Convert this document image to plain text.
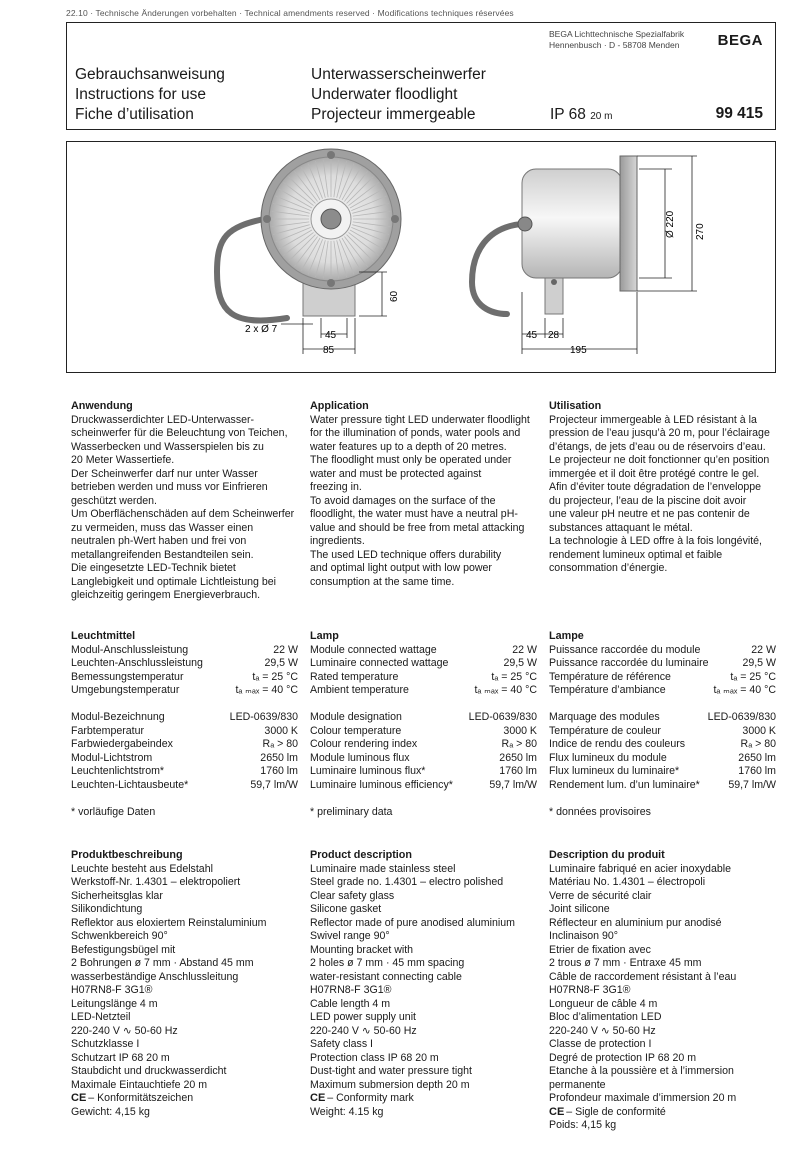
22.10 · Technische Änderungen vorbehalten · Technical amendments reserved · Modifications techniques réservées
BEGA Lichttechnische Spezialfabrik
Hennenbusch · D - 58708 Menden	BEGA
Gebrauchsanweisung
Instructions for use
Fiche d’utilisation
Unterwasserscheinwerfer
Underwater floodlight
Projecteur immergeable	IP 68 20 m	99 415
2 x Ø 7
45
85
60
Ø 220 270
45 28
195
Anwendung

Druckwasserdichter LED-Unterwasser-
scheinwerfer für die Beleuchtung von Teichen,
Wasserbecken und Wasserspielen bis zu
20 Meter Wassertiefe.
Der Scheinwerfer darf nur unter Wasser
betrieben werden und muss vor Einfrieren
geschützt werden.
Um Oberflächenschäden auf dem Scheinwerfer
zu vermeiden, muss das Wasser einen
neutralen ph-Wert haben und frei von
metallangreifenden Bestandteilen sein.
Die eingesetzte LED-Technik bietet
Langlebigkeit und optimale Lichtleistung bei
gleichzeitig geringem Energieverbrauch.

Application

Water pressure tight LED underwater floodlight
for the illumination of ponds, water pools and
water features up to a depth of 20 metres.
The floodlight must only be operated under
water and must be protected against
freezing in.
To avoid damages on the surface of the
floodlight, the water must have a neutral pH-
value and should be free from metal attacking
ingredients.
The used LED technique offers durability
and optimal light output with low power
consumption at the same time.

Utilisation

Projecteur immergeable à LED résistant à la
pression de l’eau jusqu’à 20 m, pour l’éclairage
d’étangs, de jets d’eau ou de réservoirs d’eau.
Le projecteur ne doit fonctionner qu’en position
immergée et il doit être protégé contre le gel.
Afin d’éviter toute dégradation de l’enveloppe
du projecteur, l’eau de la piscine doit avoir
une valeur pH neutre et ne pas contenir de
substances attaquant le métal.
La technologie à LED offre à la fois longévité,
rendement lumineux optimal et faible
consommation d’énergie.

Leuchtmittel
Modul-Anschlussleistung	22 W
Leuchten-Anschlussleistung	29,5 W
Bemessungstemperatur	tₐ = 25 °C
Umgebungstemperatur	tₐ ₘₐₓ = 40 °C
Modul-Bezeichnung	LED-0639/830
Farbtemperatur	3000 K
Farbwiedergabeindex	Rₐ > 80
Modul-Lichtstrom	2650 lm
Leuchtenlichtstrom*	1760 lm
Leuchten-Lichtausbeute*	59,7 lm/W
* vorläufige Daten
Lamp
Module connected wattage	22 W
Luminaire connected wattage	29,5 W
Rated temperature	tₐ = 25 °C
Ambient temperature	tₐ ₘₐₓ = 40 °C
Module designation	LED-0639/830
Colour temperature	3000 K
Colour rendering index	Rₐ > 80
Module luminous flux	2650 lm
Luminaire luminous flux*	1760 lm
Luminaire luminous efficiency*	59,7 lm/W
* preliminary data
Lampe
Puissance raccordée du module	22 W
Puissance raccordée du luminaire	29,5 W
Température de référence	tₐ = 25 °C
Température d’ambiance	tₐ ₘₐₓ = 40 °C
Marquage des modules	LED-0639/830
Température de couleur	3000 K
Indice de rendu des couleurs	Rₐ > 80
Flux lumineux du module	2650 lm
Flux lumineux du luminaire*	1760 lm
Rendement lum. d’un luminaire*	59,7 lm/W
* données provisoires
Produktbeschreibung

Leuchte besteht aus Edelstahl
Werkstoff-Nr. 1.4301 – elektropoliert
Sicherheitsglas klar
Silikondichtung
Reflektor aus eloxiertem Reinstaluminium
Schwenkbereich 90°
Befestigungsbügel mit
2 Bohrungen ø 7 mm · Abstand 45 mm
wasserbeständige Anschlussleitung
H07RN8-F 3G1®
Leitungslänge 4 m
LED-Netzteil
220-240 V ∿ 50-60 Hz
Schutzklasse I
Schutzart IP 68 20 m
Staubdicht und druckwasserdicht
Maximale Eintauchtiefe 20 m

CE – Konformitätszeichen
Gewicht: 4,15 kg
Product description

Luminaire made stainless steel
Steel grade no. 1.4301 – electro polished
Clear safety glass
Silicone gasket
Reflector made of pure anodised aluminium
Swivel range 90°
Mounting bracket with
2 holes ø 7 mm · 45 mm spacing
water-resistant connecting cable
H07RN8-F 3G1®
Cable length 4 m
LED power supply unit
220-240 V ∿ 50-60 Hz
Safety class I
Protection class IP 68 20 m
Dust-tight and water pressure tight
Maximum submersion depth 20 m

CE – Conformity mark
Weight: 4.15 kg
Description du produit

Luminaire fabriqué en acier inoxydable
Matériau No. 1.4301 – électropoli
Verre de sécurité clair
Joint silicone
Réflecteur en aluminium pur anodisé
Inclinaison 90°
Etrier de fixation avec
2 trous ø 7 mm · Entraxe 45 mm
Câble de raccordement résistant à l’eau
H07RN8-F 3G1®
Longueur de câble 4 m
Bloc d’alimentation LED
220-240 V ∿ 50-60 Hz
Classe de protection I
Degré de protection IP 68 20 m
Etanche à la poussière et à l’immersion
permanente
Profondeur maximale d’immersion 20 m

CE – Sigle de conformité
Poids: 4,15 kg
